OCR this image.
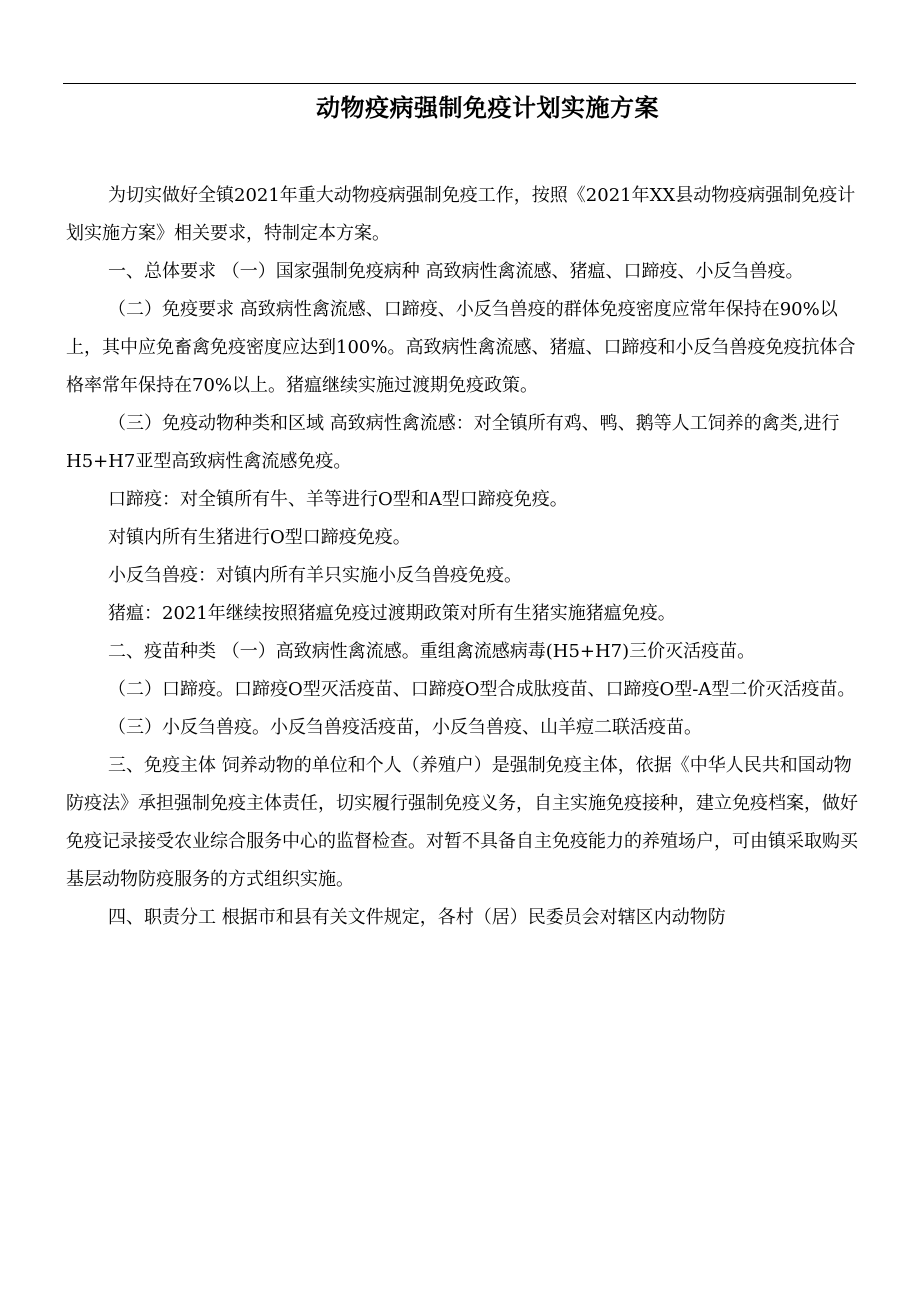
动物疫病强制免疫计划实施方案

为切实做好全镇2021年重大动物疫病强制免疫工作，按照《2021年XX县动物疫病强制免疫计划实施方案》相关要求，特制定本方案。

一、总体要求 （一）国家强制免疫病种 高致病性禽流感、猪瘟、口蹄疫、小反刍兽疫。

（二）免疫要求 高致病性禽流感、口蹄疫、小反刍兽疫的群体免疫密度应常年保持在90%以上，其中应免畜禽免疫密度应达到100%。高致病性禽流感、猪瘟、口蹄疫和小反刍兽疫免疫抗体合格率常年保持在70%以上。猪瘟继续实施过渡期免疫政策。

（三）免疫动物种类和区域 高致病性禽流感：对全镇所有鸡、鸭、鹅等人工饲养的禽类,进行H5+H7亚型高致病性禽流感免疫。

口蹄疫：对全镇所有牛、羊等进行O型和A型口蹄疫免疫。

对镇内所有生猪进行O型口蹄疫免疫。

小反刍兽疫：对镇内所有羊只实施小反刍兽疫免疫。

猪瘟：2021年继续按照猪瘟免疫过渡期政策对所有生猪实施猪瘟免疫。

二、疫苗种类 （一）高致病性禽流感。重组禽流感病毒(H5+H7)三价灭活疫苗。

（二）口蹄疫。口蹄疫O型灭活疫苗、口蹄疫O型合成肽疫苗、口蹄疫O型-A型二价灭活疫苗。

（三）小反刍兽疫。小反刍兽疫活疫苗，小反刍兽疫、山羊痘二联活疫苗。

三、免疫主体 饲养动物的单位和个人（养殖户）是强制免疫主体，依据《中华人民共和国动物防疫法》承担强制免疫主体责任，切实履行强制免疫义务，自主实施免疫接种，建立免疫档案，做好免疫记录接受农业综合服务中心的监督检查。对暂不具备自主免疫能力的养殖场户，可由镇采取购买基层动物防疫服务的方式组织实施。

四、职责分工 根据市和县有关文件规定，各村（居）民委员会对辖区内动物防
